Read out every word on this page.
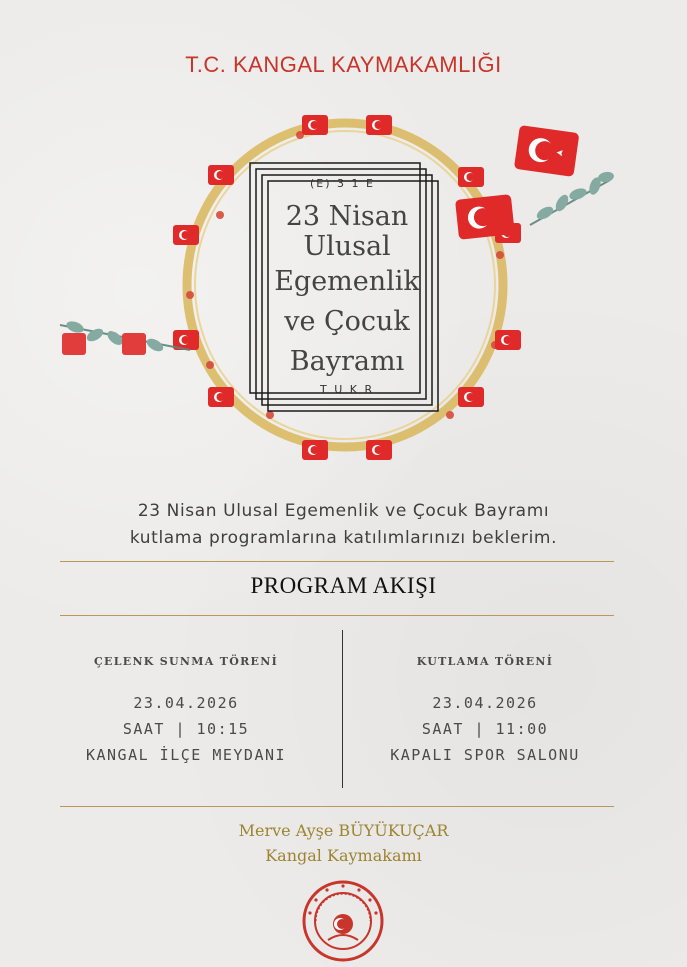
T.C. KANGAL KAYMAKAMLIĞI
(E) 3 1 E
23 Nisan
Ulusal
Egemenlik
ve Çocuk
Bayramı
T U K R
23 Nisan Ulusal Egemenlik ve Çocuk Bayramı
kutlama programlarına katılımlarınızı beklerim.
PROGRAM AKIŞI
ÇELENK SUNMA TÖRENİ
23.04.2026
SAAT | 10:15
KANGAL İLÇE MEYDANI
KUTLAMA TÖRENİ
23.04.2026
SAAT | 11:00
KAPALI SPOR SALONU
Merve Ayşe BÜYÜKUÇAR
Kangal Kaymakamı
